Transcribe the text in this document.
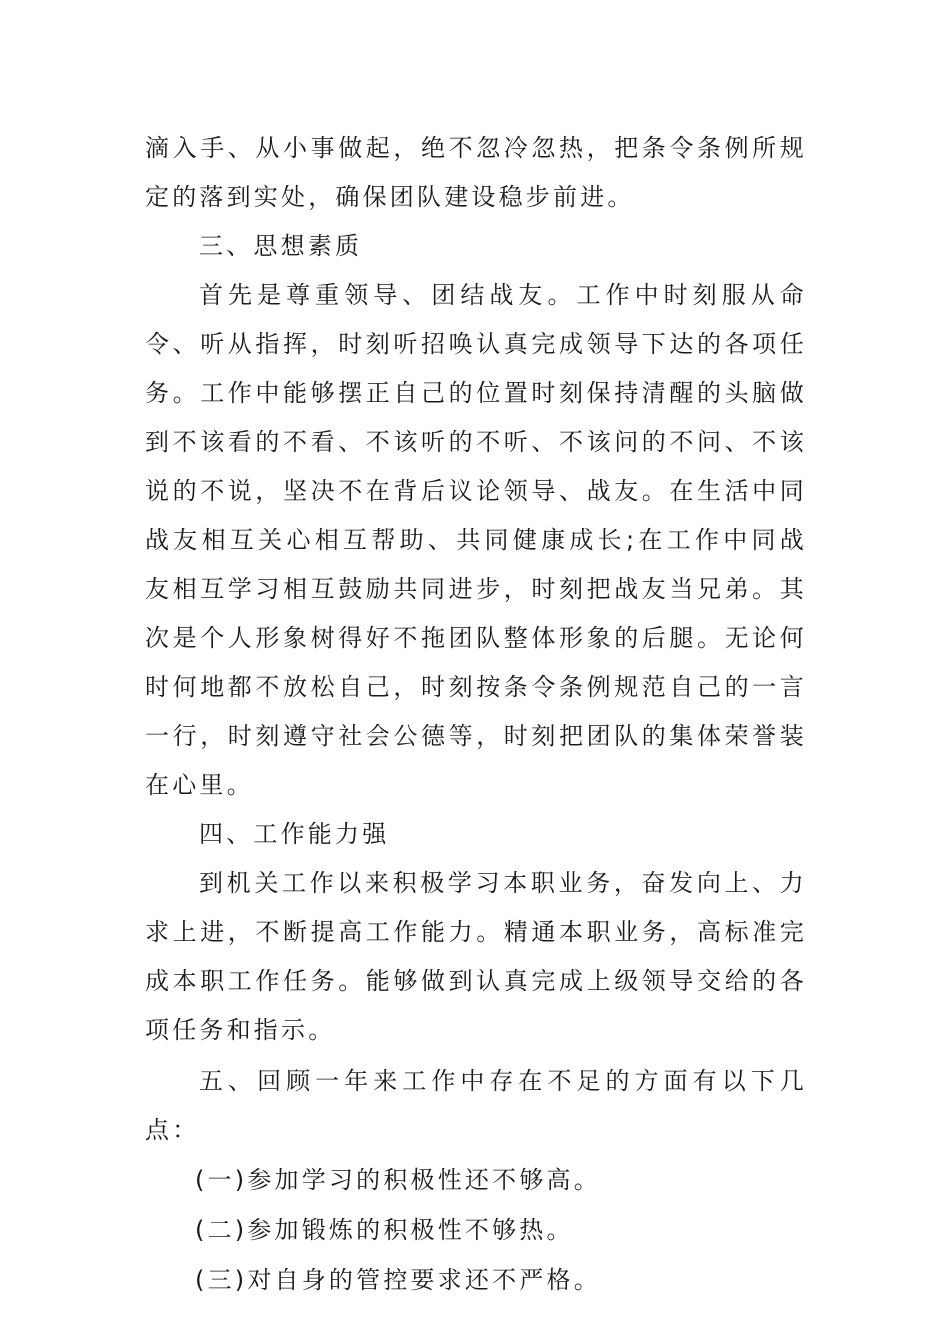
滴入手、从小事做起，绝不忽冷忽热，把条令条例所规定的落到实处，确保团队建设稳步前进。

三、思想素质

首先是尊重领导、团结战友。工作中时刻服从命令、听从指挥，时刻听招唤认真完成领导下达的各项任务。工作中能够摆正自己的位置时刻保持清醒的头脑做到不该看的不看、不该听的不听、不该问的不问、不该说的不说，坚决不在背后议论领导、战友。在生活中同战友相互关心相互帮助、共同健康成长;在工作中同战友相互学习相互鼓励共同进步，时刻把战友当兄弟。其次是个人形象树得好不拖团队整体形象的后腿。无论何时何地都不放松自己，时刻按条令条例规范自己的一言一行，时刻遵守社会公德等，时刻把团队的集体荣誉装在心里。

四、工作能力强

到机关工作以来积极学习本职业务，奋发向上、力求上进，不断提高工作能力。精通本职业务，高标准完成本职工作任务。能够做到认真完成上级领导交给的各项任务和指示。

五、回顾一年来工作中存在不足的方面有以下几点：

(一)参加学习的积极性还不够高。

(二)参加锻炼的积极性不够热。

(三)对自身的管控要求还不严格。
